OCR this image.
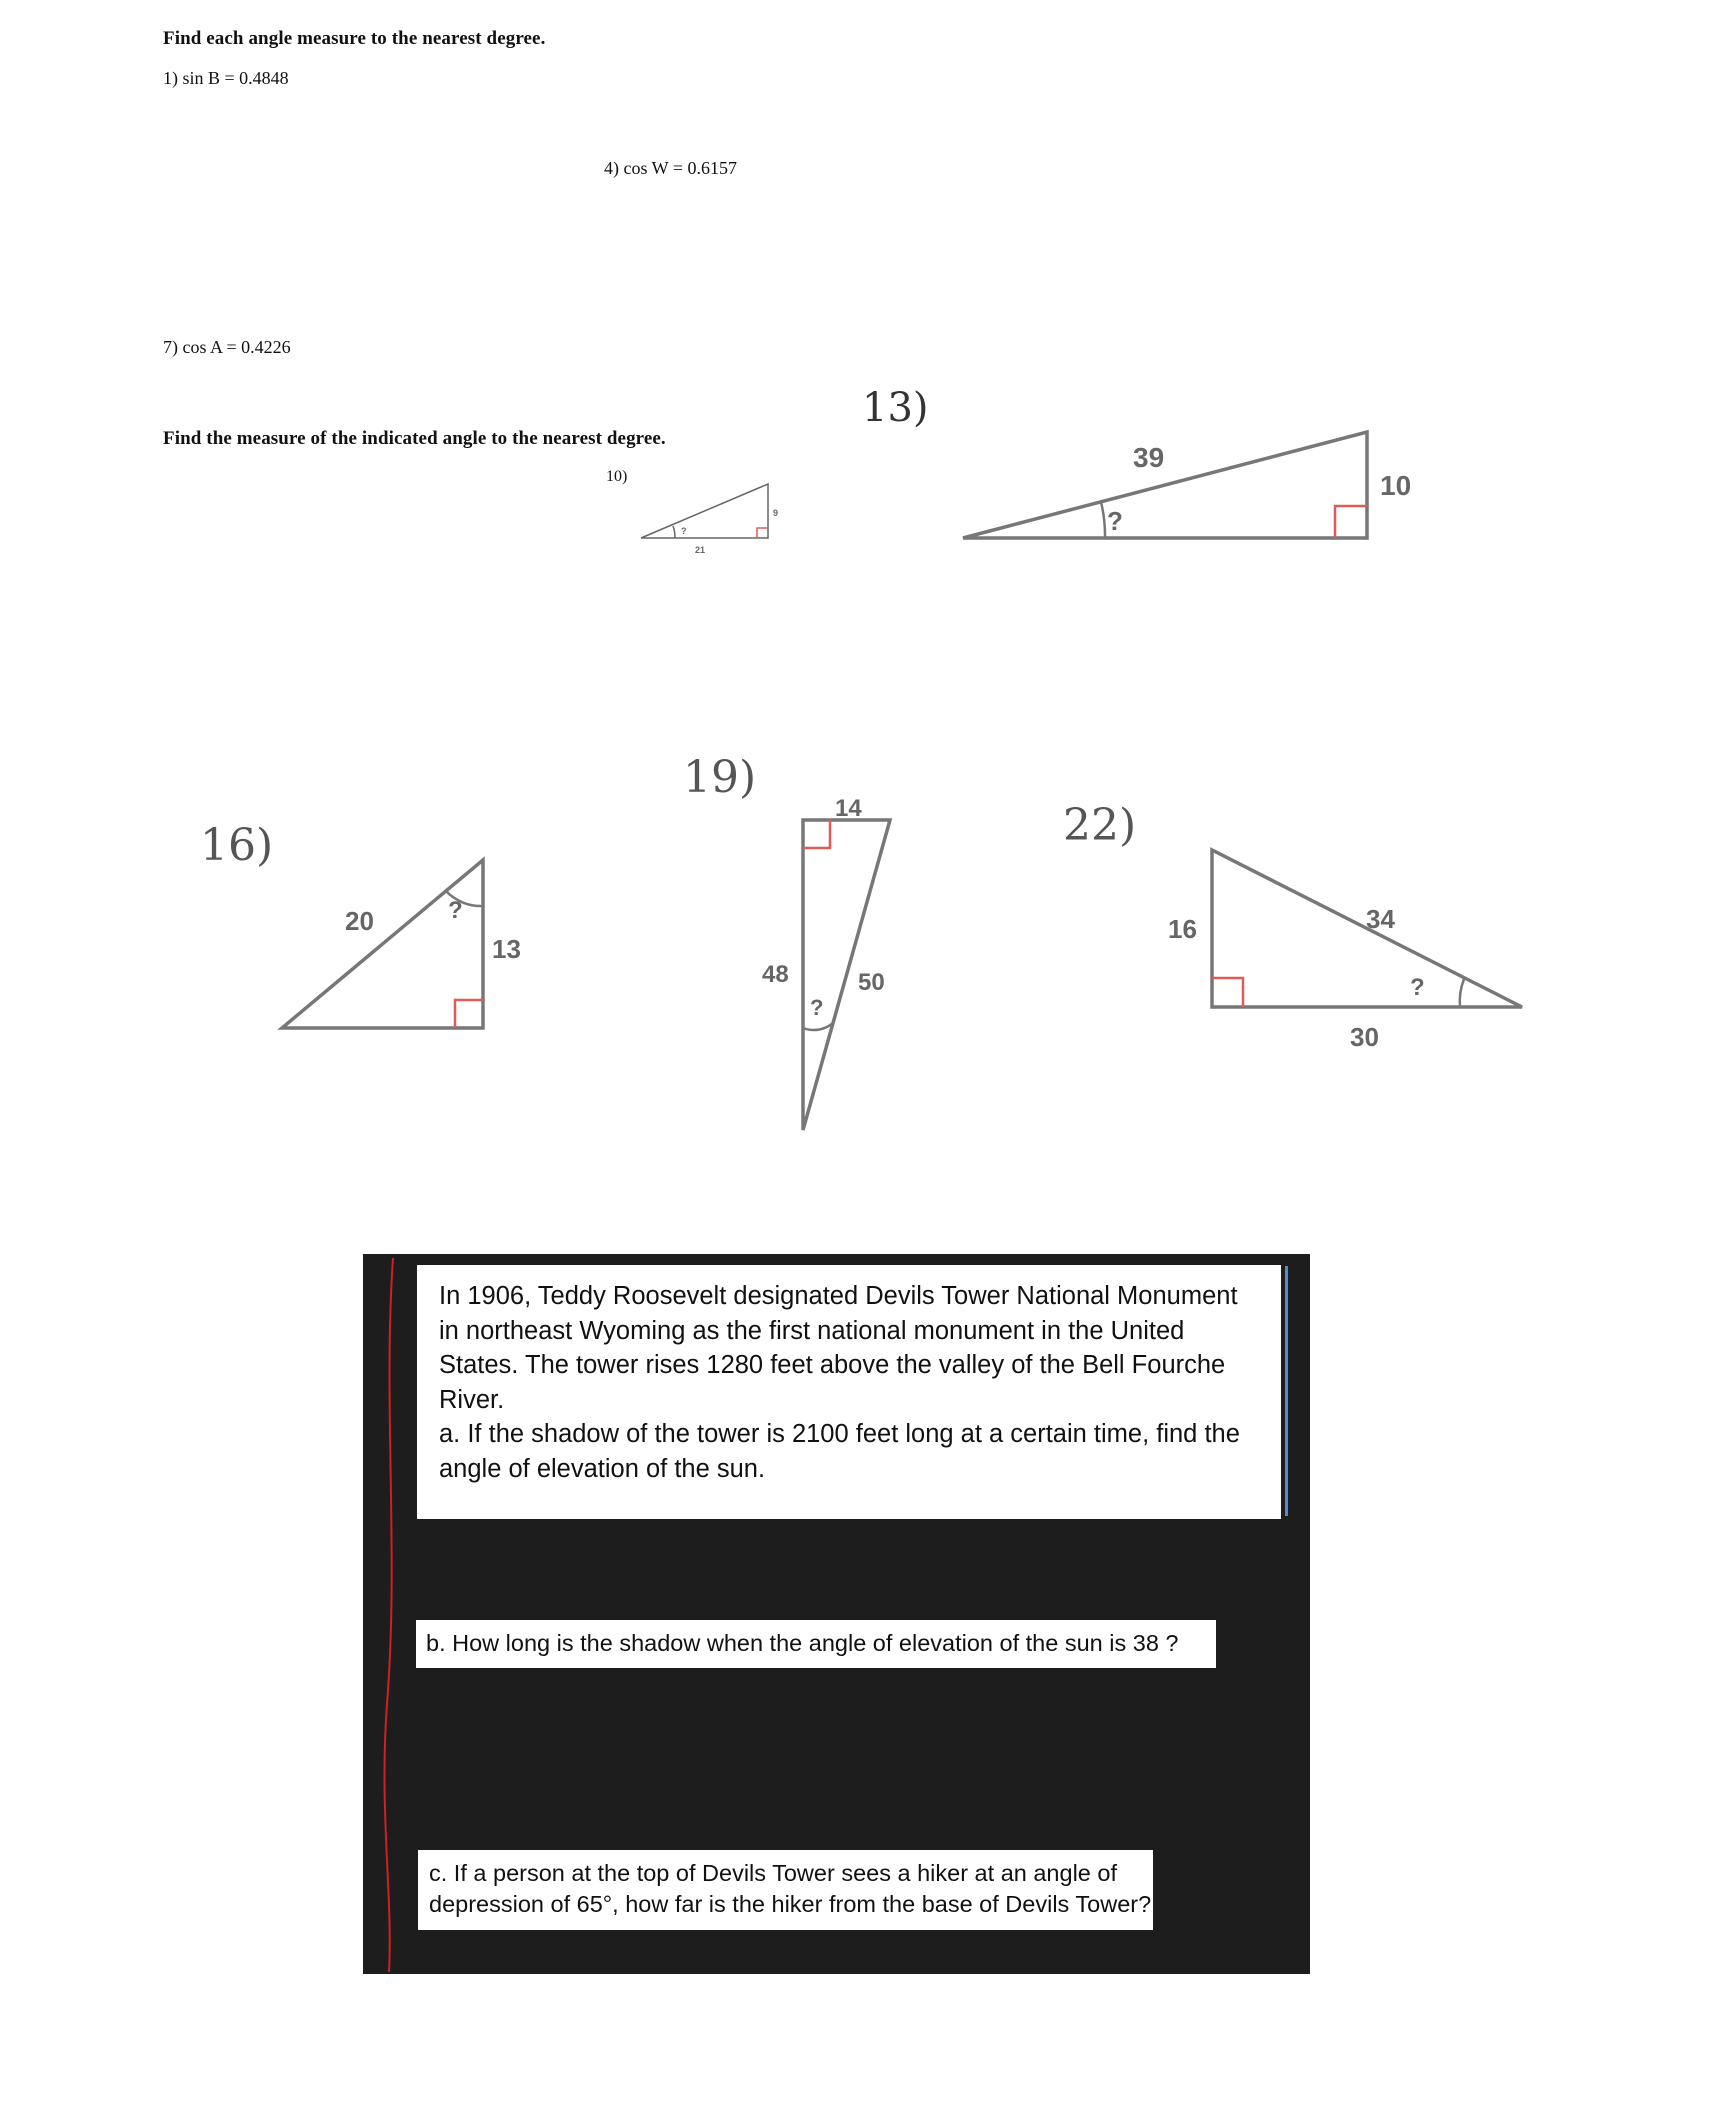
Find each angle measure to the nearest degree.
1) sin B = 0.4848
4) cos W = 0.6157
7) cos A = 0.4226
Find the measure of the indicated angle to the nearest degree.
10)
?
9
21
13)
39
10
?
16)
20
13
?
19)
14
48	50
?
22)
34
16
30
?

In 1906, Teddy Roosevelt designated Devils Tower National Monument

in northeast Wyoming as the first national monument in the United

States. The tower rises 1280 feet above the valley of the Bell Fourche

River.

a. If the shadow of the tower is 2100 feet long at a certain time, find the

angle of elevation of the sun.

b. How long is the shadow when the angle of elevation of the sun is 38 ?

c. If a person at the top of Devils Tower sees a hiker at an angle of

depression of 65°, how far is the hiker from the base of Devils Tower?
